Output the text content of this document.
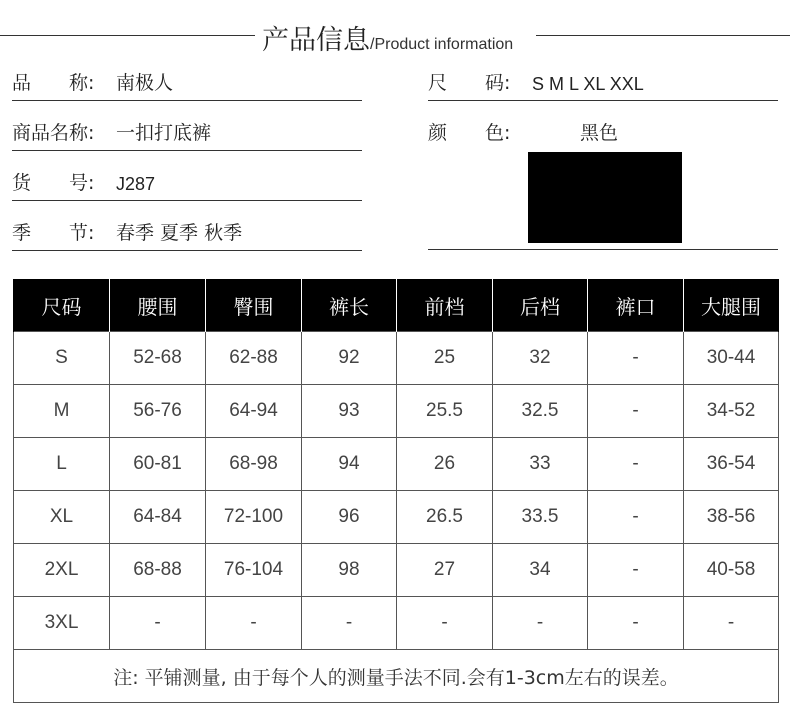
产品信息/Product information
品　　称: 南极人
商品名称: 一扣打底裤
货　　号: J287
季　　节: 春季 夏季 秋季
尺　　码: S M L XL XXL
颜　　色:	黑色
尺码	腰围	臀围	裤长	前档	后档	裤口	大腿围
S	52-68	62-88	92	25	32	-	30-44
M	56-76	64-94	93	25.5	32.5	-	34-52
L	60-81	68-98	94	26	33	-	36-54
XL	64-84	72-100	96	26.5	33.5	-	38-56
2XL	68-88	76-104	98	27	34	-	40-58
3XL	-	-	-	-	-	-	-
注: 平铺测量, 由于每个人的测量手法不同.会有1-3cm左右的误差。							
